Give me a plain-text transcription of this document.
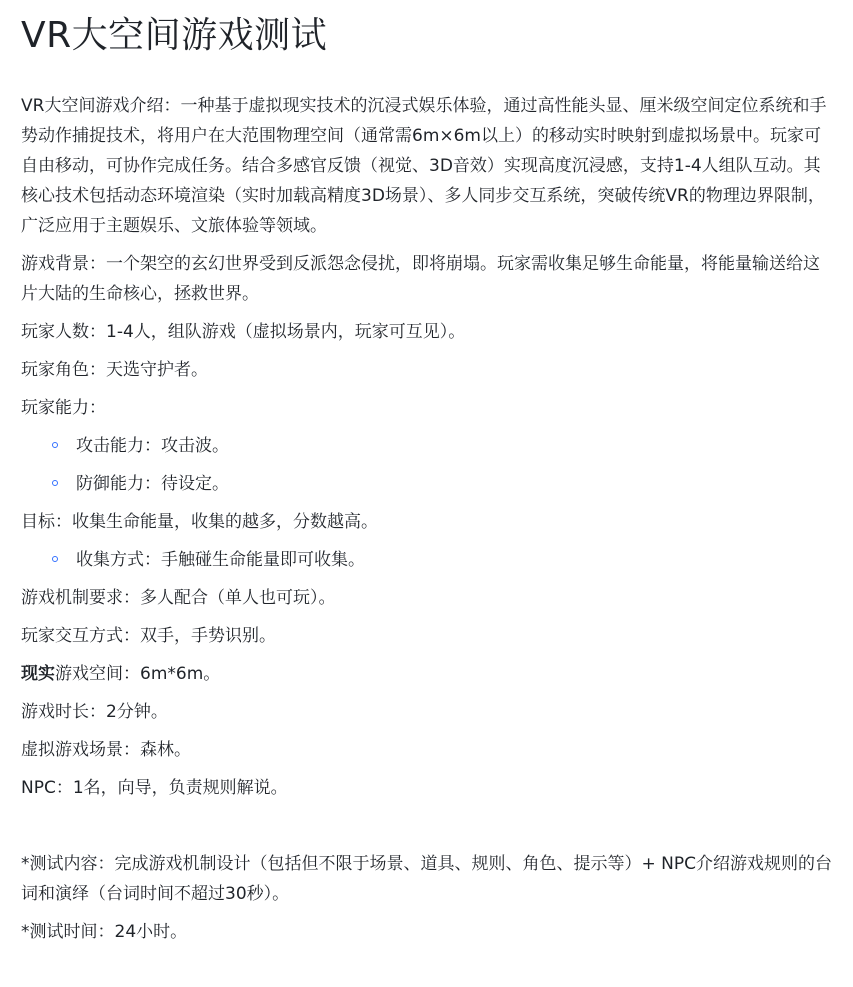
VR大空间游戏测试
VR大空间游戏介绍：一种基于虚拟现实技术的沉浸式娱乐体验，通过高性能头显、厘米级空间定位系统和手势动作捕捉技术，将用户在大范围物理空间（通常需6m×6m以上）的移动实时映射到虚拟场景中。玩家可自由移动，可协作完成任务。结合多感官反馈（视觉、3D音效）实现高度沉浸感，支持1-4人组队互动。其核心技术包括动态环境渲染（实时加载高精度3D场景）、多人同步交互系统，突破传统VR的物理边界限制，广泛应用于主题娱乐、文旅体验等领域。
游戏背景：一个架空的玄幻世界受到反派怨念侵扰，即将崩塌。玩家需收集足够生命能量，将能量输送给这片大陆的生命核心，拯救世界。
玩家人数：1-4人，组队游戏（虚拟场景内，玩家可互见）。
玩家角色：天选守护者。
玩家能力：
攻击能力：攻击波。
防御能力：待设定。
目标：收集生命能量，收集的越多，分数越高。
收集方式：手触碰生命能量即可收集。
游戏机制要求：多人配合（单人也可玩）。
玩家交互方式：双手，手势识别。
现实游戏空间：6m*6m。
游戏时长：2分钟。
虚拟游戏场景：森林。
NPC：1名，向导，负责规则解说。
*测试内容：完成游戏机制设计（包括但不限于场景、道具、规则、角色、提示等）+ NPC介绍游戏规则的台词和演绎（台词时间不超过30秒）。
*测试时间：24小时。
